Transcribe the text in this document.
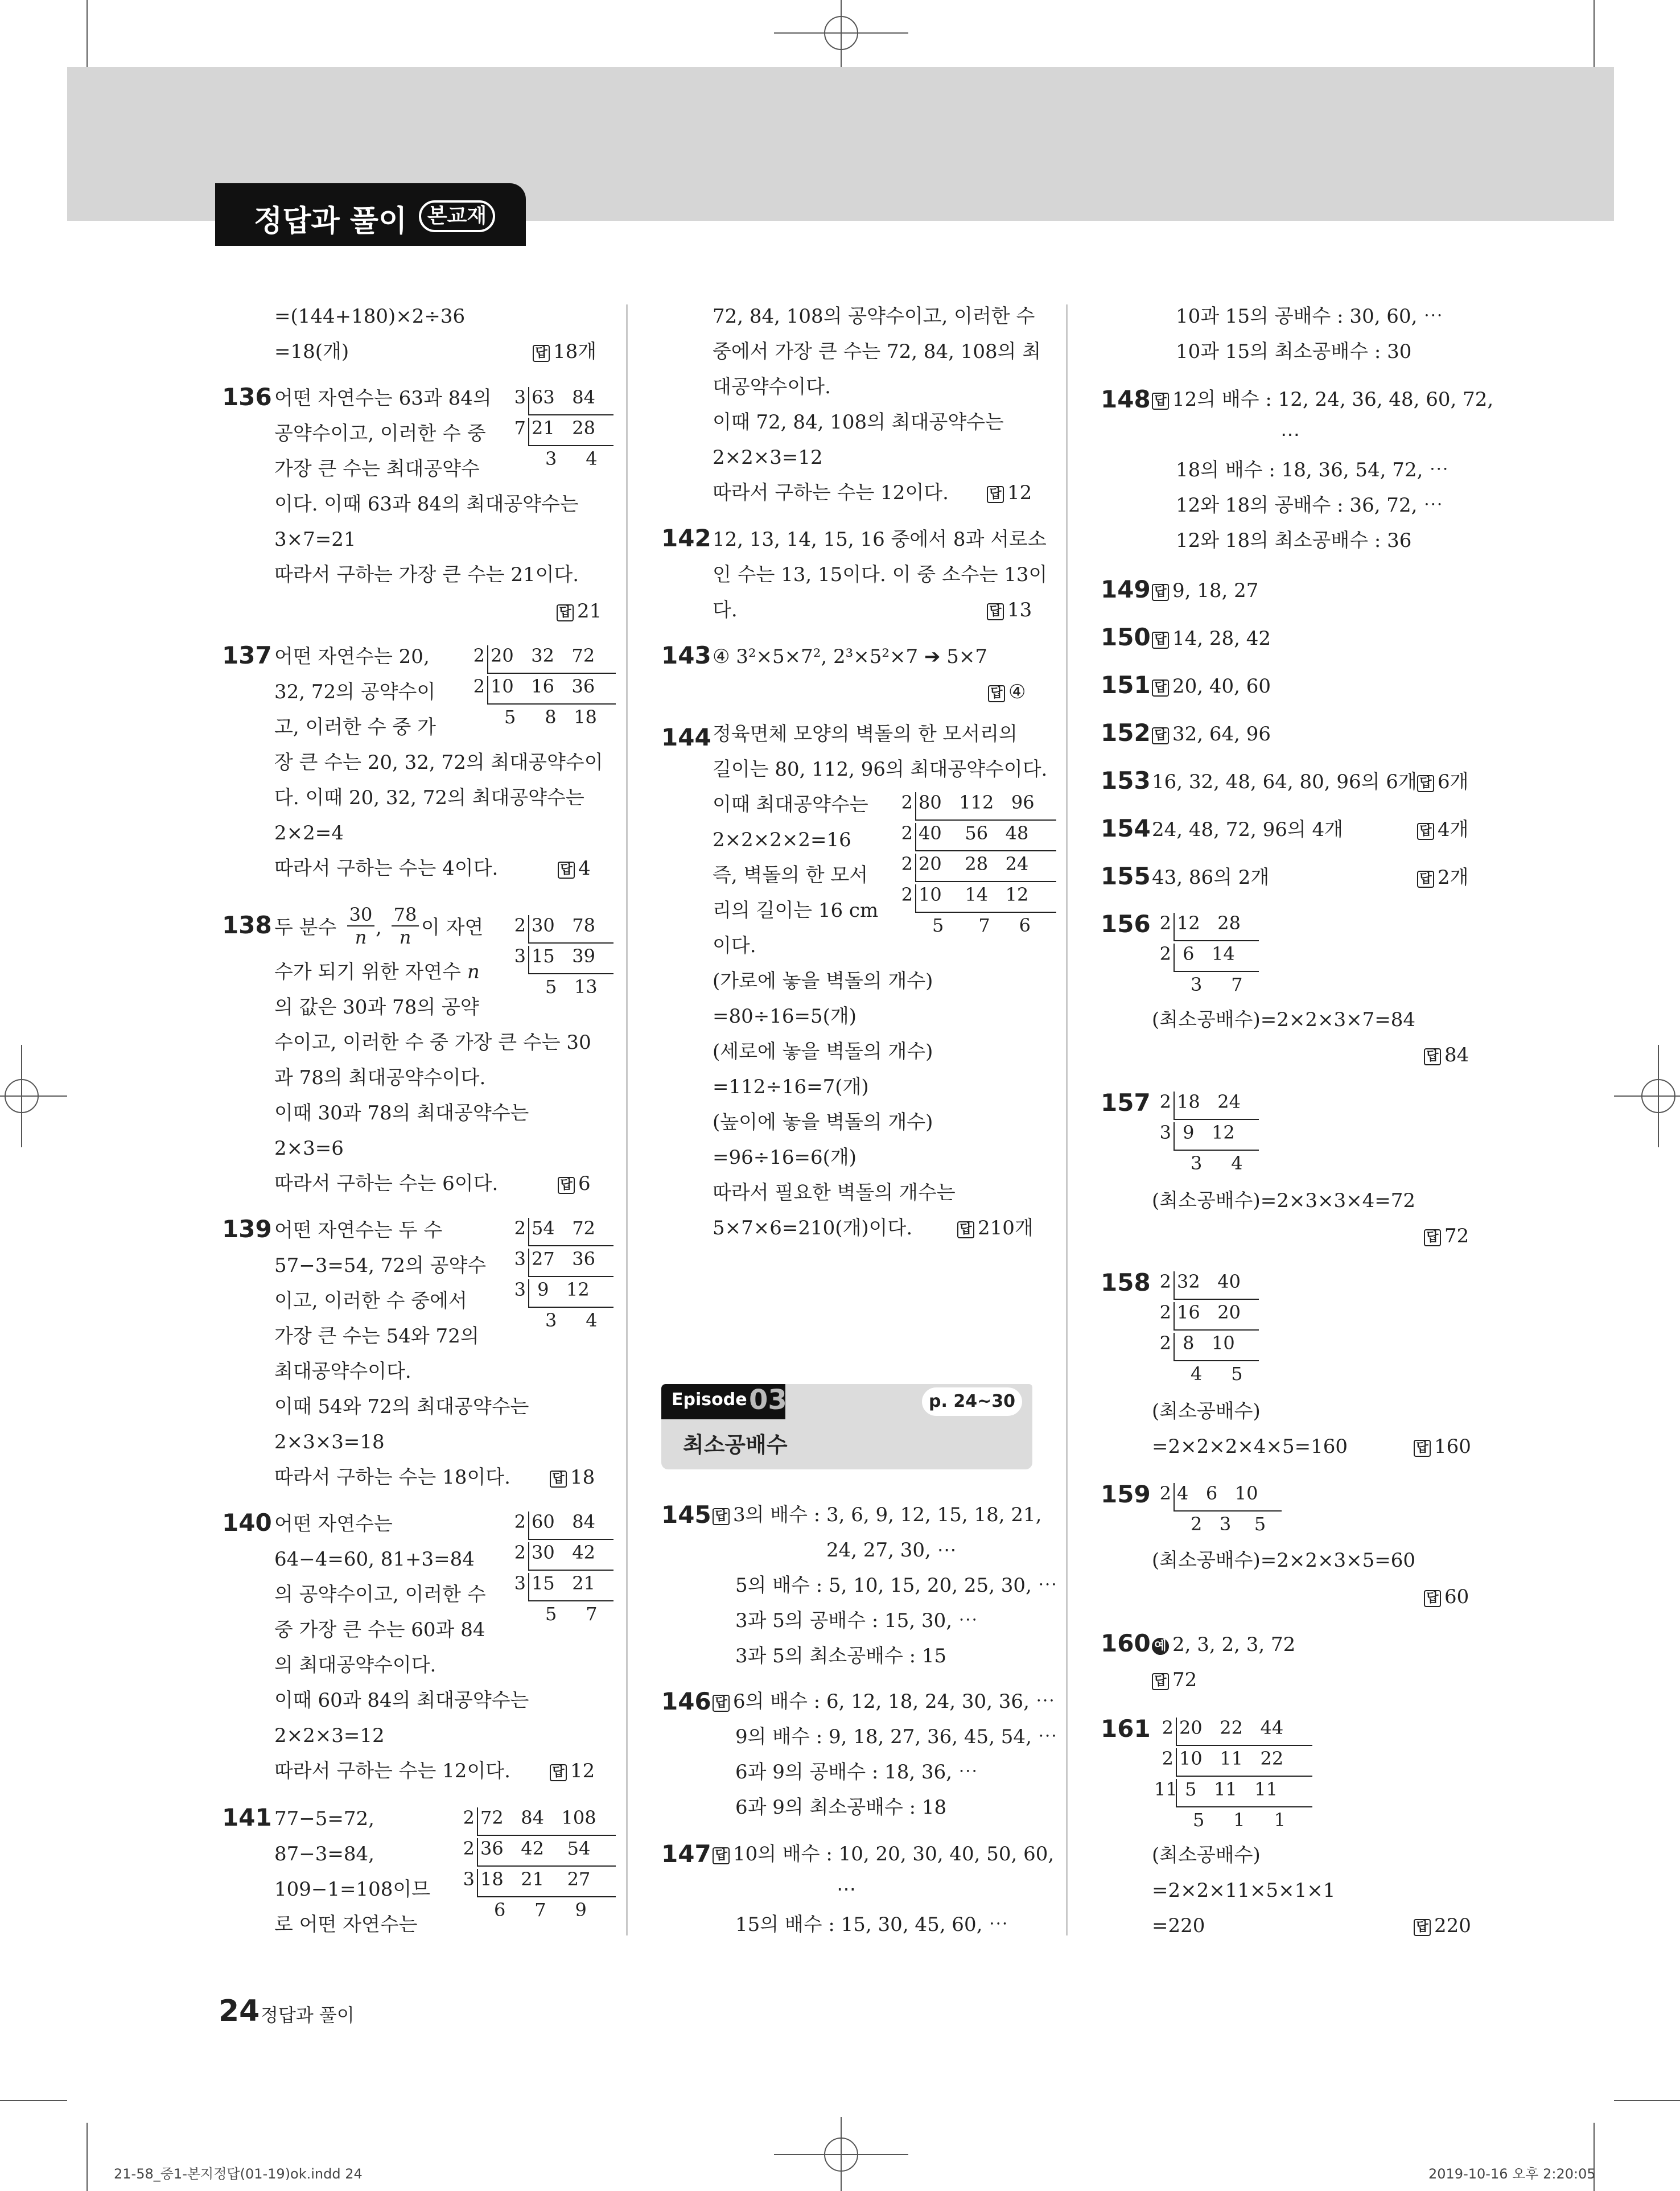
정답과 풀이 본교재
=(144+180)×2÷36
=18(개)	답 18개
136 어떤 자연수는 63과 84의
공약수이고, 이러한 수 중
가장 큰 수는 최대공약수
이다. 이때 63과 84의 최대공약수는
3×7=21
따라서 구하는 가장 큰 수는 21이다.
답 21
3 63   84
7 21   28
3     4
137 어떤 자연수는 20,
32, 72의 공약수이
고, 이러한 수 중 가
장 큰 수는 20, 32, 72의 최대공약수이
다. 이때 20, 32, 72의 최대공약수는
2×2=4
따라서 구하는 수는 4이다.	답 4
2 20   32   72
2 10   16   36
5     8   18
138 두 분수 $\frac{30}{n}$ , $\frac{78}{n}$ 이 자연
수가 되기 위한 자연수 n
의 값은 30과 78의 공약
수이고, 이러한 수 중 가장 큰 수는 30
과 78의 최대공약수이다.
이때 30과 78의 최대공약수는
2×3=6
따라서 구하는 수는 6이다.	답 6
2 30   78
3 15   39
5   13
139 어떤 자연수는 두 수
57−3=54, 72의 공약수
이고, 이러한 수 중에서
가장 큰 수는 54와 72의
최대공약수이다.
이때 54와 72의 최대공약수는
2×3×3=18
따라서 구하는 수는 18이다.	답 18
2 54   72
3 27   36
3 9   12
3     4
140 어떤 자연수는
64−4=60, 81+3=84
의 공약수이고, 이러한 수
중 가장 큰 수는 60과 84
의 최대공약수이다.
이때 60과 84의 최대공약수는
2×2×3=12
따라서 구하는 수는 12이다.	답 12
2 60   84
2 30   42
3 15   21
5     7
141 77−5=72,
87−3=84,
109−1=108이므
로 어떤 자연수는
2 72   84   108
2 36   42    54
3 18   21    27
6     7     9
72, 84, 108의 공약수이고, 이러한 수
중에서 가장 큰 수는 72, 84, 108의 최
대공약수이다.
이때 72, 84, 108의 최대공약수는
2×2×3=12
따라서 구하는 수는 12이다.	답 12
142 12, 13, 14, 15, 16 중에서 8과 서로소
인 수는 13, 15이다. 이 중 소수는 13이
다.	답 13
143 ④ 3²×5×7², 2³×5²×7 ➔ 5×7
답 ④
144 정육면체 모양의 벽돌의 한 모서리의
길이는 80, 112, 96의 최대공약수이다.
이때 최대공약수는
2×2×2×2=16
즉, 벽돌의 한 모서
리의 길이는 16 cm
이다.
(가로에 놓을 벽돌의 개수)
=80÷16=5(개)
(세로에 놓을 벽돌의 개수)
=112÷16=7(개)
(높이에 놓을 벽돌의 개수)
=96÷16=6(개)
따라서 필요한 벽돌의 개수는
5×7×6=210(개)이다.	답 210개
2 80   112   96
2 40    56   48
2 20    28   24
2 10    14   12
5      7     6
Episode 03	p. 24~30
최소공배수
145 답 3의 배수 : 3, 6, 9, 12, 15, 18, 21,
24, 27, 30, ⋯
5의 배수 : 5, 10, 15, 20, 25, 30, ⋯
3과 5의 공배수 : 15, 30, ⋯
3과 5의 최소공배수 : 15
146 답 6의 배수 : 6, 12, 18, 24, 30, 36, ⋯
9의 배수 : 9, 18, 27, 36, 45, 54, ⋯
6과 9의 공배수 : 18, 36, ⋯
6과 9의 최소공배수 : 18
147 답 10의 배수 : 10, 20, 30, 40, 50, 60,
⋯
15의 배수 : 15, 30, 45, 60, ⋯
10과 15의 공배수 : 30, 60, ⋯
10과 15의 최소공배수 : 30
148 답 12의 배수 : 12, 24, 36, 48, 60, 72,
⋯
18의 배수 : 18, 36, 54, 72, ⋯
12와 18의 공배수 : 36, 72, ⋯
12와 18의 최소공배수 : 36
149 답 9, 18, 27
150 답 14, 28, 42
151 답 20, 40, 60
152 답 32, 64, 96
153 16, 32, 48, 64, 80, 96의 6개 답 6개
154 24, 48, 72, 96의 4개	답 4개
155 43, 86의 2개	답 2개
156 2 12   28
2 6   14
3     7
(최소공배수)=2×2×3×7=84
답 84
157 2 18   24
3 9   12
3     4
(최소공배수)=2×3×3×4=72
답 72
158 2 32   40
2 16   20
2 8   10
4     5
(최소공배수)
=2×2×2×4×5=160	답 160
159 2 4   6   10
2   3    5
(최소공배수)=2×2×3×5=60
답 60
160 예 2, 3, 2, 3, 72
답 72
161 2 20   22   44
2 10   11   22
11 5   11   11
5     1     1
(최소공배수)
=2×2×11×5×1×1
=220	답 220
24 정답과 풀이
21-58_중1-본지정답(01-19)ok.indd 24	2019-10-16 오후 2:20:05
